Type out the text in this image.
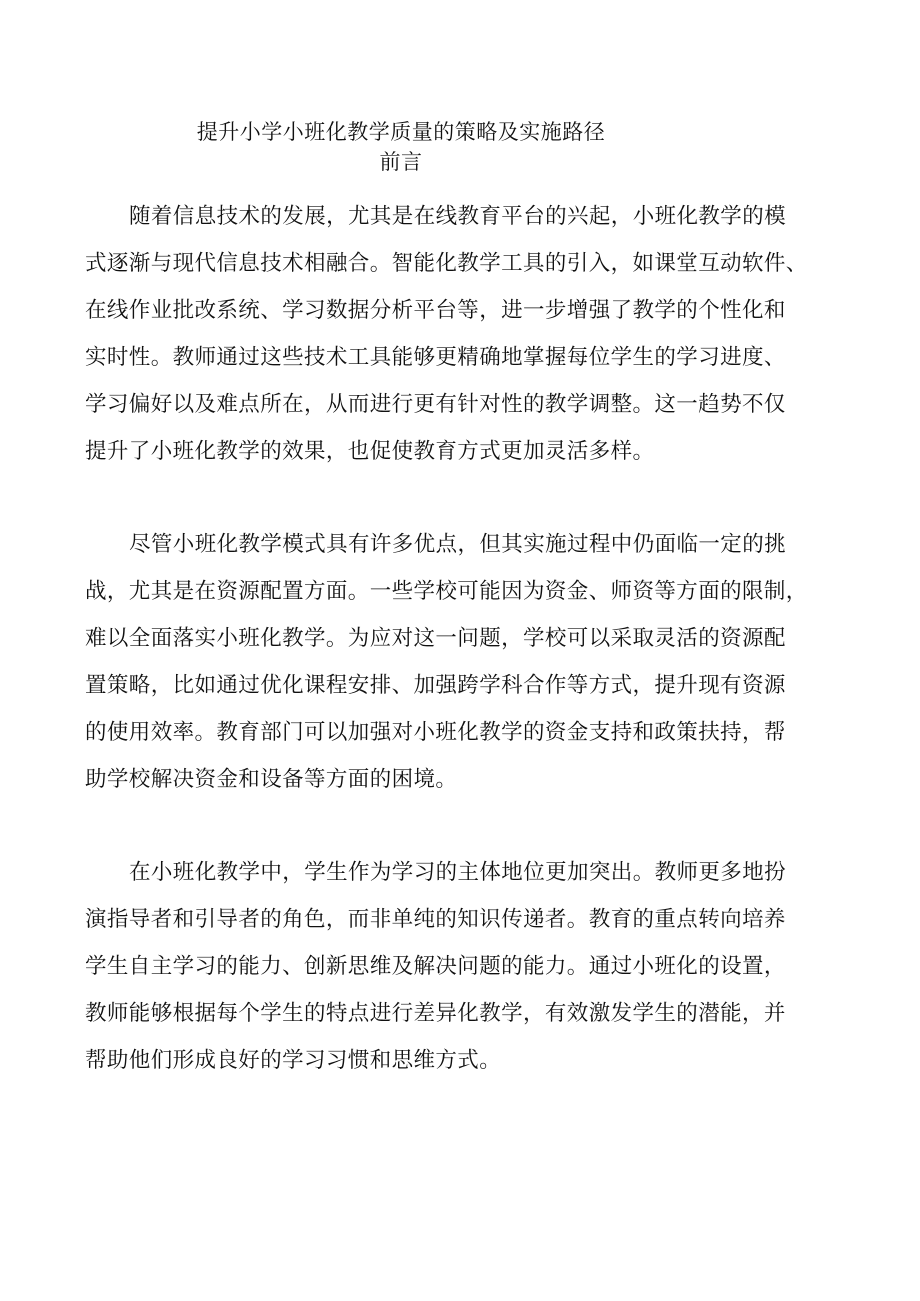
提升小学小班化教学质量的策略及实施路径
前言
随着信息技术的发展，尤其是在线教育平台的兴起，小班化教学的模
式逐渐与现代信息技术相融合。智能化教学工具的引入，如课堂互动软件、
在线作业批改系统、学习数据分析平台等，进一步增强了教学的个性化和
实时性。教师通过这些技术工具能够更精确地掌握每位学生的学习进度、
学习偏好以及难点所在，从而进行更有针对性的教学调整。这一趋势不仅
提升了小班化教学的效果，也促使教育方式更加灵活多样。
尽管小班化教学模式具有许多优点，但其实施过程中仍面临一定的挑
战，尤其是在资源配置方面。一些学校可能因为资金、师资等方面的限制，
难以全面落实小班化教学。为应对这一问题，学校可以采取灵活的资源配
置策略，比如通过优化课程安排、加强跨学科合作等方式，提升现有资源
的使用效率。教育部门可以加强对小班化教学的资金支持和政策扶持，帮
助学校解决资金和设备等方面的困境。
在小班化教学中，学生作为学习的主体地位更加突出。教师更多地扮
演指导者和引导者的角色，而非单纯的知识传递者。教育的重点转向培养
学生自主学习的能力、创新思维及解决问题的能力。通过小班化的设置，
教师能够根据每个学生的特点进行差异化教学，有效激发学生的潜能，并
帮助他们形成良好的学习习惯和思维方式。
